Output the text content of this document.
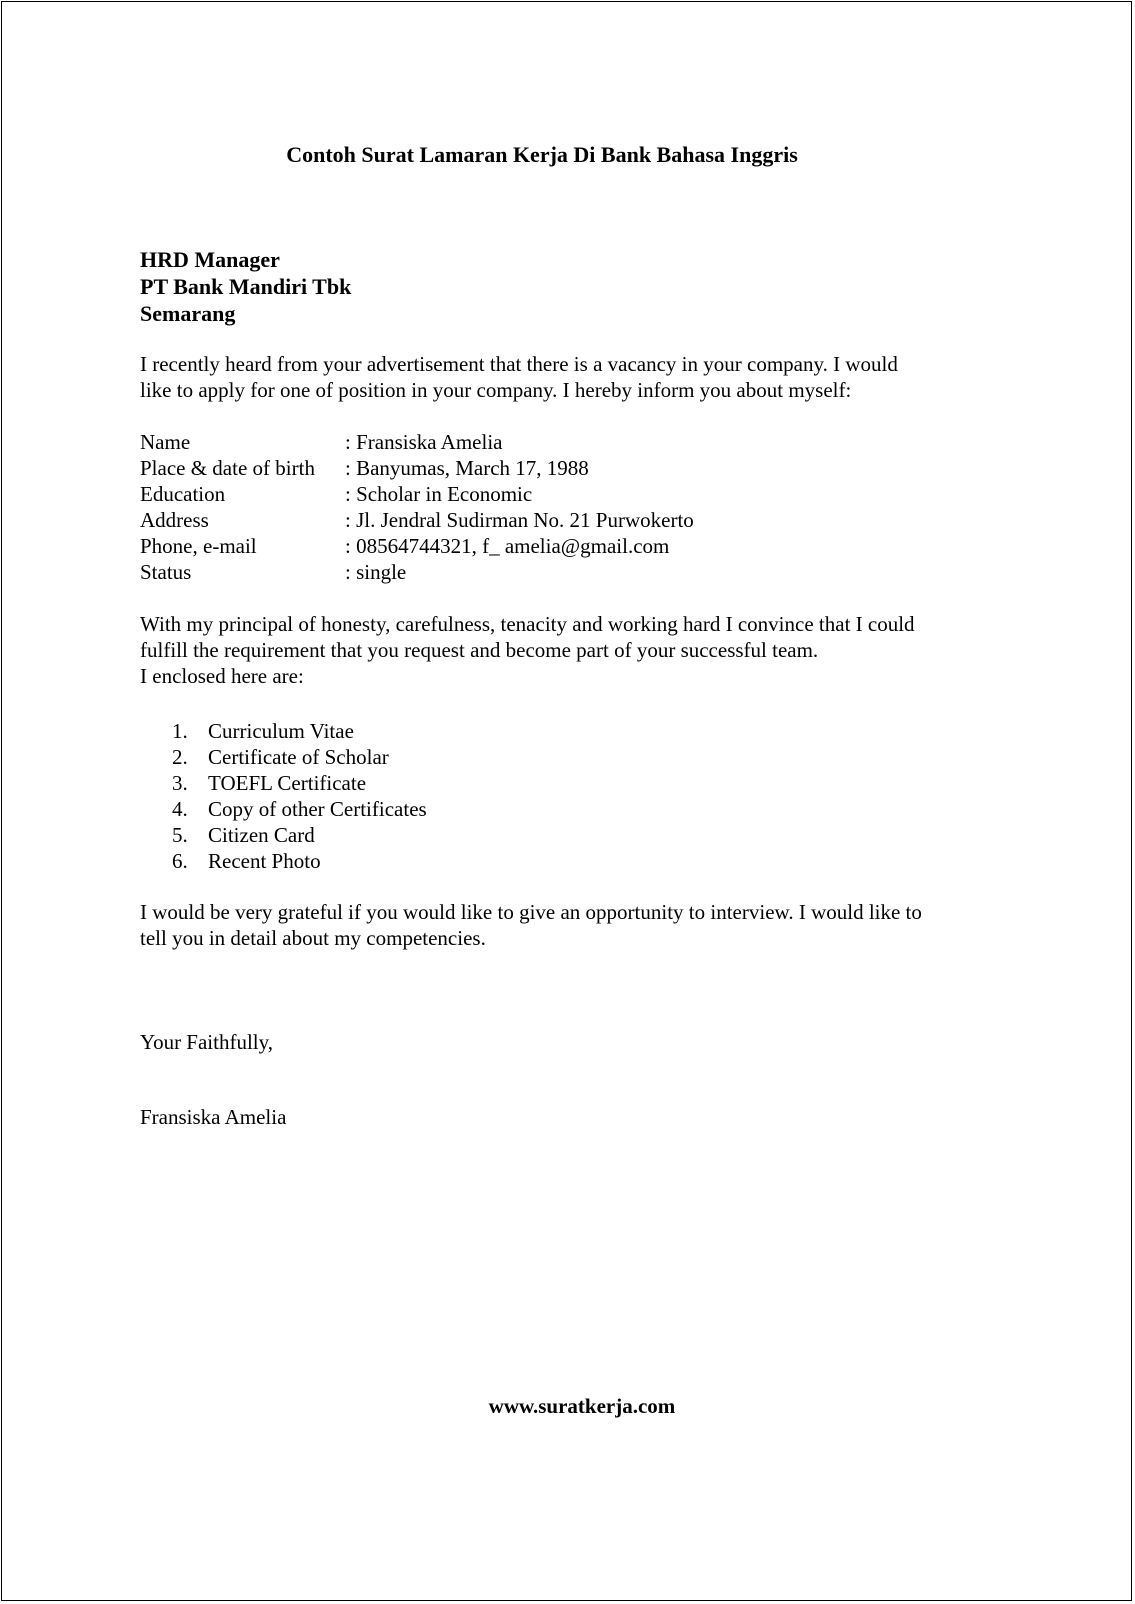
Contoh Surat Lamaran Kerja Di Bank Bahasa Inggris
HRD Manager
PT Bank Mandiri Tbk
Semarang
I recently heard from your advertisement that there is a vacancy in your company. I would
like to apply for one of position in your company. I hereby inform you about myself:
Name	: Fransiska Amelia
Place & date of birth	: Banyumas, March 17, 1988
Education	: Scholar in Economic
Address	: Jl. Jendral Sudirman No. 21 Purwokerto
Phone, e-mail	: 08564744321, f_ amelia@gmail.com
Status	: single
With my principal of honesty, carefulness, tenacity and working hard I convince that I could
fulfill the requirement that you request and become part of your successful team.
I enclosed here are:
1. Curriculum Vitae
2. Certificate of Scholar
3. TOEFL Certificate
4. Copy of other Certificates
5. Citizen Card
6. Recent Photo
I would be very grateful if you would like to give an opportunity to interview. I would like to
tell you in detail about my competencies.
Your Faithfully,
Fransiska Amelia
www.suratkerja.com
